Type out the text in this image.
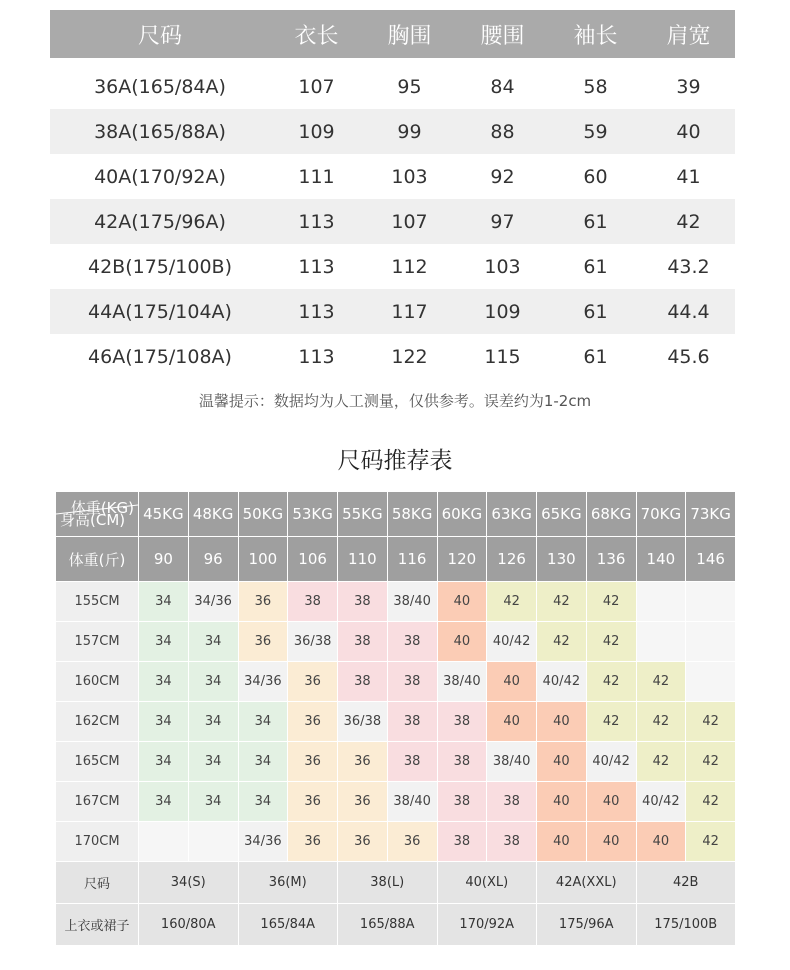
尺码	衣长	胸围	腰围	袖长	肩宽

36A(165/84A)	107	95	84	58	39
38A(165/88A)	109	99	88	59	40
40A(170/92A)	111	103	92	60	41
42A(175/96A)	113	107	97	61	42
42B(175/100B)	113	112	103	61	43.2
44A(175/104A)	113	117	109	61	44.4
46A(175/108A)	113	122	115	61	45.6
温馨提示：数据均为人工测量，仅供参考。误差约为1-2cm
尺码推荐表
体重(KG)
身高(CM)	45KG	48KG	50KG	53KG	55KG	58KG	60KG	63KG	65KG	68KG	70KG	73KG
体重(斤)	90	96	100	106	110	116	120	126	130	136	140	146
155CM	34	34/36	36	38	38	38/40	40	42	42	42		
157CM	34	34	36	36/38	38	38	40	40/42	42	42		
160CM	34	34	34/36	36	38	38	38/40	40	40/42	42	42	
162CM	34	34	34	36	36/38	38	38	40	40	42	42	42
165CM	34	34	34	36	36	38	38	38/40	40	40/42	42	42
167CM	34	34	34	36	36	38/40	38	38	40	40	40/42	42
170CM			34/36	36	36	36	38	38	40	40	40	42
尺码	34(S)		36(M)		38(L)		40(XL)		42A(XXL)		42B	
上衣或裙子	160/80A		165/84A		165/88A		170/92A		175/96A		175/100B	
